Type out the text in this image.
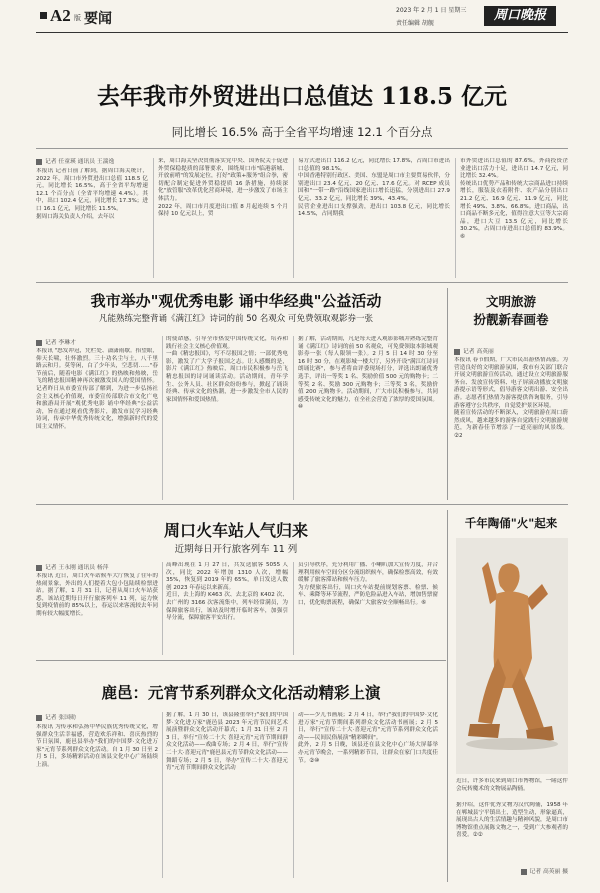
A2 版 要闻
2023 年 2 月 1 日 星期三
责任编辑 胡舰
周口晚报
去年我市外贸进出口总值达 118.5 亿元
同比增长 16.5% 高于全省平均增速 12.1 个百分点
记者 任童瑛 通讯员 王湍逸
本报讯 记者日前了解到，据周口海关统计，2022 年，周口市外贸进出口总值 118.5 亿元，同比增长 16.5%，高于全省平均增速 12.1 个百分点（全省平均增速 4.4%）。其中，出口 102.4 亿元，同比增长 17.3%；进口 16.1 亿元，同比增长 11.5%。
据周口海关负责人介绍，去年以
来，周口海关坚决贯彻落实党中央、国务院关于促进外贸保稳提质的部署要求，围绕周口市"临港新城、开放前哨"的发展定位，打好"政策+服务"组合拳，密切配合制定促进外贸稳提质 16 条措施，持续深化"放管服"改革优化营商环境，进一步激发了市场主体活力。
2022 年，周口市月度进出口值 8 月起连续 5 个月保持 10 亿元以上，贸
易方式进出口 116.2 亿元，同比增长 17.8%，占周口市进出口总值的 98.1%。
中国香港特别行政区、美国、东盟是周口市主要贸易伙伴，分别进出口 23.4 亿元、20 亿元、17.6 亿元。对 RCEP 成员国和"一带一路"沿线国家进出口增长迅猛，分别进出口 27.9 亿元、33.2 亿元，同比增长 39%、43.4%。
民营企业进出口支撑强劲，进出口 103.8 亿元，同比增长 14.5%，占同期我
市外贸进出口总值的 87.6%。外商投资企业进出口活力十足，进出口 14.7 亿元，同比增长 32.4%。
传统出口优势产品和传统大宗商品进口持续增长，服装及衣着附件、农产品分别出口 21.2 亿元、16.9 亿元、11.9 亿元，同比增长 49%、3.8%、66.8%。进口商品，出口商品不断多元化，值得注意大豆等大宗商品，进口大豆 13.5 亿元，同比增长 30.2%，占周口市进出口总值的 83.9%。⑥
我市举办"观优秀电影 诵中华经典"公益活动
凡能熟练完整背诵《满江红》诗词的前 50 名观众 可免费领取观影券一张
记者 李琳才
本报讯 "怒发冲冠，凭栏处、潇潇雨歇。抬望眼，仰天长啸，壮怀激烈。三十功名尘与土，八千里路云和月。莫等闲，白了少年头，空悲切……"春节前后，随着电影《满江红》的热映和热映，岳飞的精忠报国精神再次被激发国人的爱国情怀。记者昨日从市委宣传部了解到，为进一步弘扬社会主义核心价值观，市委宣传部联合市文化广电和旅游局开展"观优秀电影 诵中华经典"公益活动，旨在通过观看优秀影片，激发市民学习经典诗词，传承中华优秀传统文化，增强新时代的爱国主义情怀。
的使命感，引导全市热爱中国传统文化，培养和践行社会主义核心价值观。
一曲《精忠报国》，写不尽报国之情；一部优秀电影，激发了广大学子报国之志。让人感慨的是，影片《满江红》热映后，周口市民积极参与岳飞精忠报国的诗词诵读活动。活动期间，青年学生、公务人员、社区群众纷纷参与，掀起了诵读经典、传承文化的热潮，进一步激发全市人民的家国情怀和爱国热情。
据了解，活动期间，凡是每天进入观影影城并熟练完整背诵《满江红》诗词的前 50 名观众，可免费领取本影城观影券一张（每人限领一张）。2 月 5 日 14 时 30 分至 16 时 30 分，在观影城一楼大厅，另外开设"满江红诗词朗诵比赛"，参与者将由评委现场打分，评选出朗诵优秀选手，评出一等奖 1 名、奖励价值 500 元的购物卡；二等奖 2 名、奖励 300 元购物卡；三等奖 3 名，奖励价值 200 元购物卡。活动期间，广大市民积极参与，共同感受传统文化的魅力，在全社会营造了浓厚的爱国氛围。⑩
文明旅游
扮靓新春画卷
记者 高英丽
本报讯 春节假期，广大市民出游热情高涨。为营造良好的文明旅游氛围，我市有关部门联合开展文明旅游宣传活动，通过设立文明旅游服务台、发放宣传资料、电子屏滚动播放文明旅游提示语等形式，倡导游客文明出游、安全出游。志愿者们热情为游客提供咨询服务，引导游客遵守公共秩序，自觉爱护景区环境。
随着宣传活动的不断深入，文明旅游在周口蔚然成风，越来越多的游客自觉践行文明旅游规范，为新春佳节增添了一道亮丽的风景线。②2
周口火车站人气归来
近期每日开行旅客列车 11 列
记者 王永刚 通讯员 杨萍
本报讯 近日，周口火车站候车大厅恢复了往年的热闹景象，外出的人们提着大包小包陆续检票进站。据了解，1 月 31 日，记者从周口火车站获悉，该站近期每日开行旅客列车 11 列，运力恢复到疫情前的 85%以上，春运以来客流较去年同期有较大幅度增长。
高峰出现在 1 月 27 日，共发送旅客 5055 人次，同比 2022 年增加 1310 人次，增幅 35%，恢复到 2019 年的 65%，单日发送人数创 2023 年春运以来新高。
近日，去上海的 K463 次、去北京的 K402 次、去广州的 3166 次客流集中，列车经常满员，为保障旅客出行，该站及时增开临时客车，加强引导分流，保障旅客平安出行。
员引导秩序，充分利用广播、小喇叭加大宣传力度，并合理利用候车空间分区分流组织候车，确保检票高效，有效缓解了旅客滞站和候车压力。
为方便旅客出行，周口火车站提前规划客票、检票、候车、乘降等环节流程，严防危险品进入车站，增加售票窗口，优化购票流程，确保广大旅客安全顺畅出行。⑥
千年陶俑"火"起来
近日，许多市民来到周口市博物馆，一睹这件会玩转魔术的文物展品陶俑。
据介绍，这件优秀文物为汉代陶俑，1958 年在郸城县宁平镇出土，造型生动，形象逼真，展现出古人的生活情趣与精神风貌，是周口市博物馆重点展陈文物之一，受到广大参观者的喜爱。②②
记者 高英丽 摄
鹿邑：元宵节系列群众文化活动精彩上演
记者 张国勋
本报讯 为传承和弘扬中华民族优秀传统文化，增强群众生活幸福感，营造欢乐祥和、喜庆热烈的节日氛围，鹿邑县举办"我们的中国梦·文化进万家"元宵节系列群众文化活动。自 1 月 30 日至 2 月 5 日，多场精彩活动在该县文化中心广场陆续上演。
据了解，1 月 30 日，该县隆重举行"我们的中国梦·文化进万家"鹿邑县 2023 年元宵节民间艺术展演暨群众文化活动开幕式；1 月 31 日至 2 月 3 日，举行"宣传二十大 喜迎元宵"元宵节期间群众文化活动——戏曲专场；2 月 4 日，举行"宣传二十大·喜迎元宵"鹿邑县元宵节群众文化活动——舞蹈专场；2 月 5 日，举办"宣传二十大·喜迎元宵"元宵节期间群众文化活动
动——少儿书画展；2 月 4 日，举行"我们的中国梦·文化进万家"元宵节期间系列群众文化活动书画展；2 月 5 日，举行"宣传二十大·喜迎元宵"元宵节系列群众文化活动——民间民俗展演"精彩瞬间"。
此外，2 月 5 日晚，该县还在县文化中心广场大屏幕举办元宵节晚会，一系列精彩节目，让群众在家门口共度佳节。②⑩
